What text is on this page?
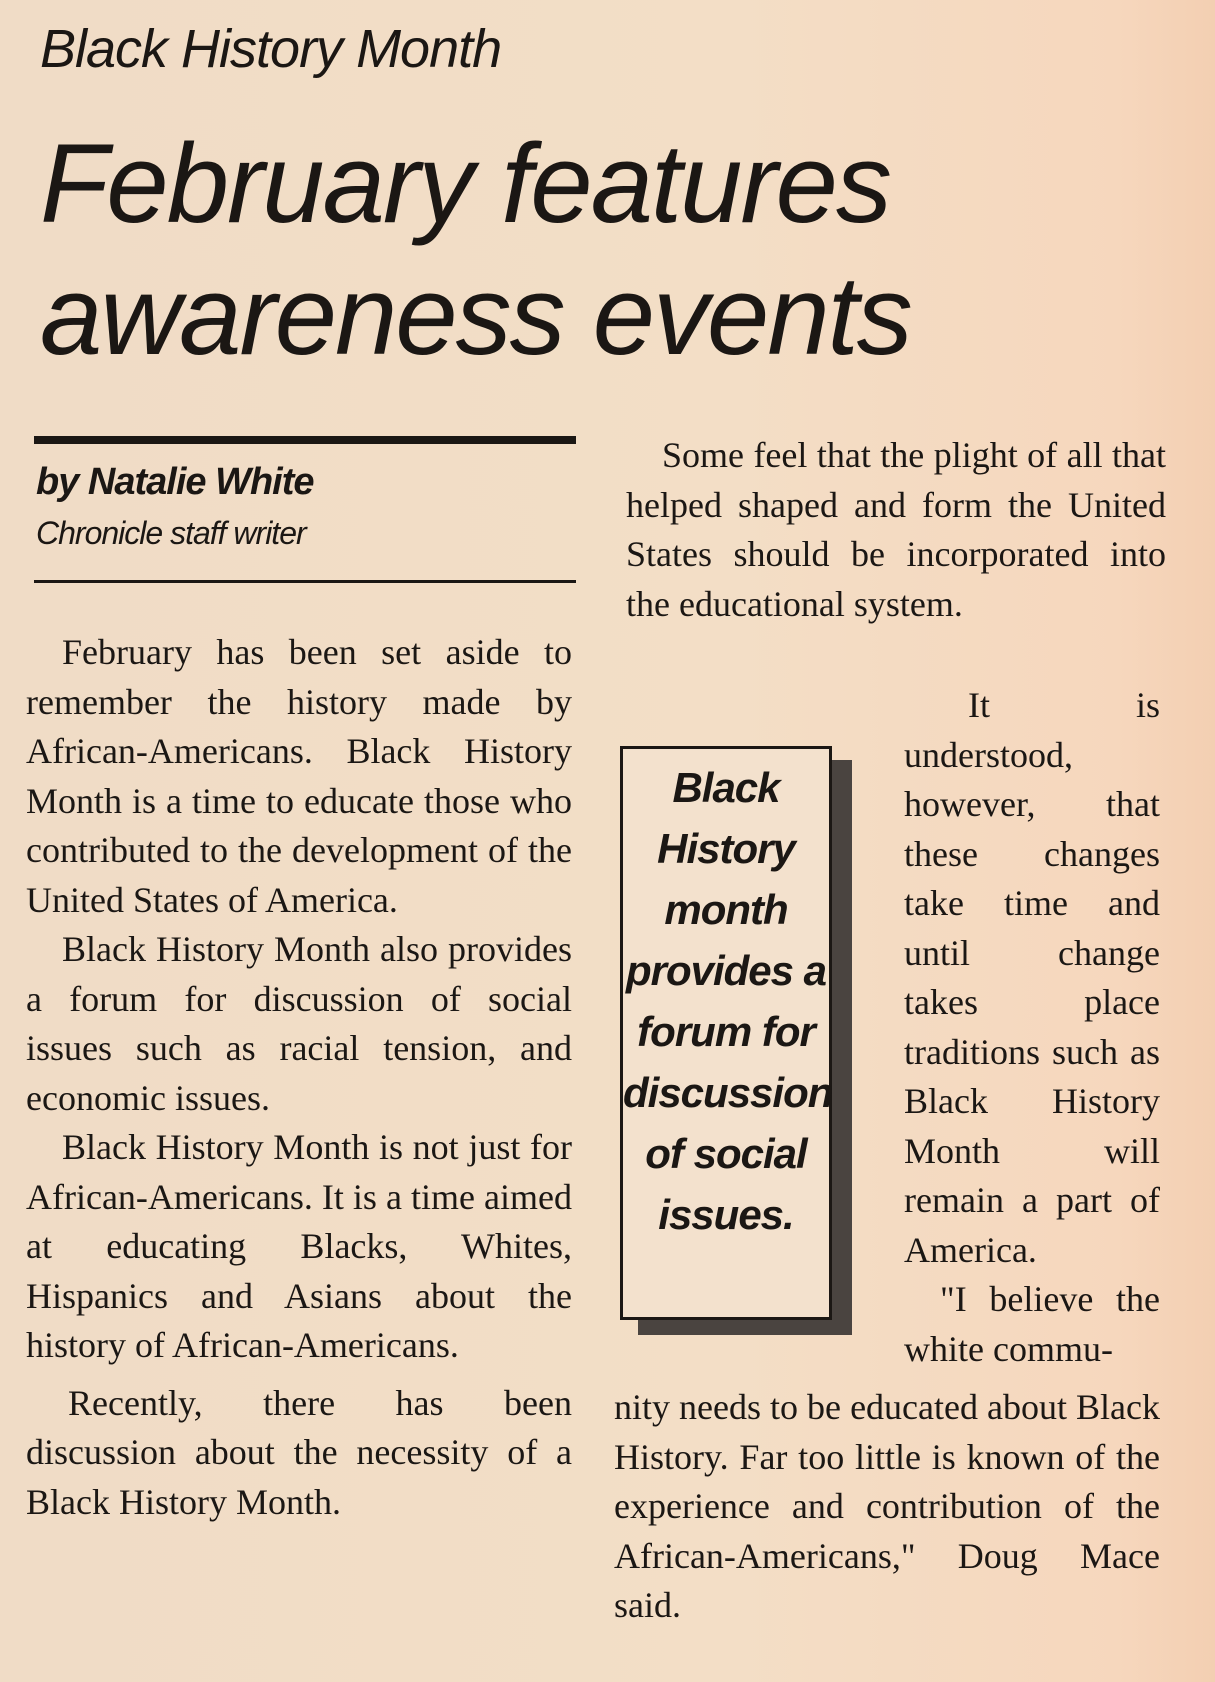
Black History Month
February features awareness events
by Natalie White
Chronicle staff writer

February has been set aside to remember the history made by African-Americans. Black History Month is a time to educate those who contributed to the development of the United States of America.

Black History Month also provides a forum for discussion of social issues such as racial tension, and economic issues.

Black History Month is not just for African-Americans. It is a time aimed at educating Blacks, Whites, Hispanics and Asians about the history of African-Americans.

Recently, there has been discussion about the necessity of a Black History Month.

Some feel that the plight of all that helped shaped and form the United States should be incorporated into the educational system.

Black History month provides a forum for discussion of social issues.

It is understood, however, that these changes take time and until change takes place traditions such as Black History Month will remain a part of America.

"I believe the white commu-

nity needs to be educated about Black History. Far too little is known of the experience and contribution of the African-Americans," Doug Mace said.
